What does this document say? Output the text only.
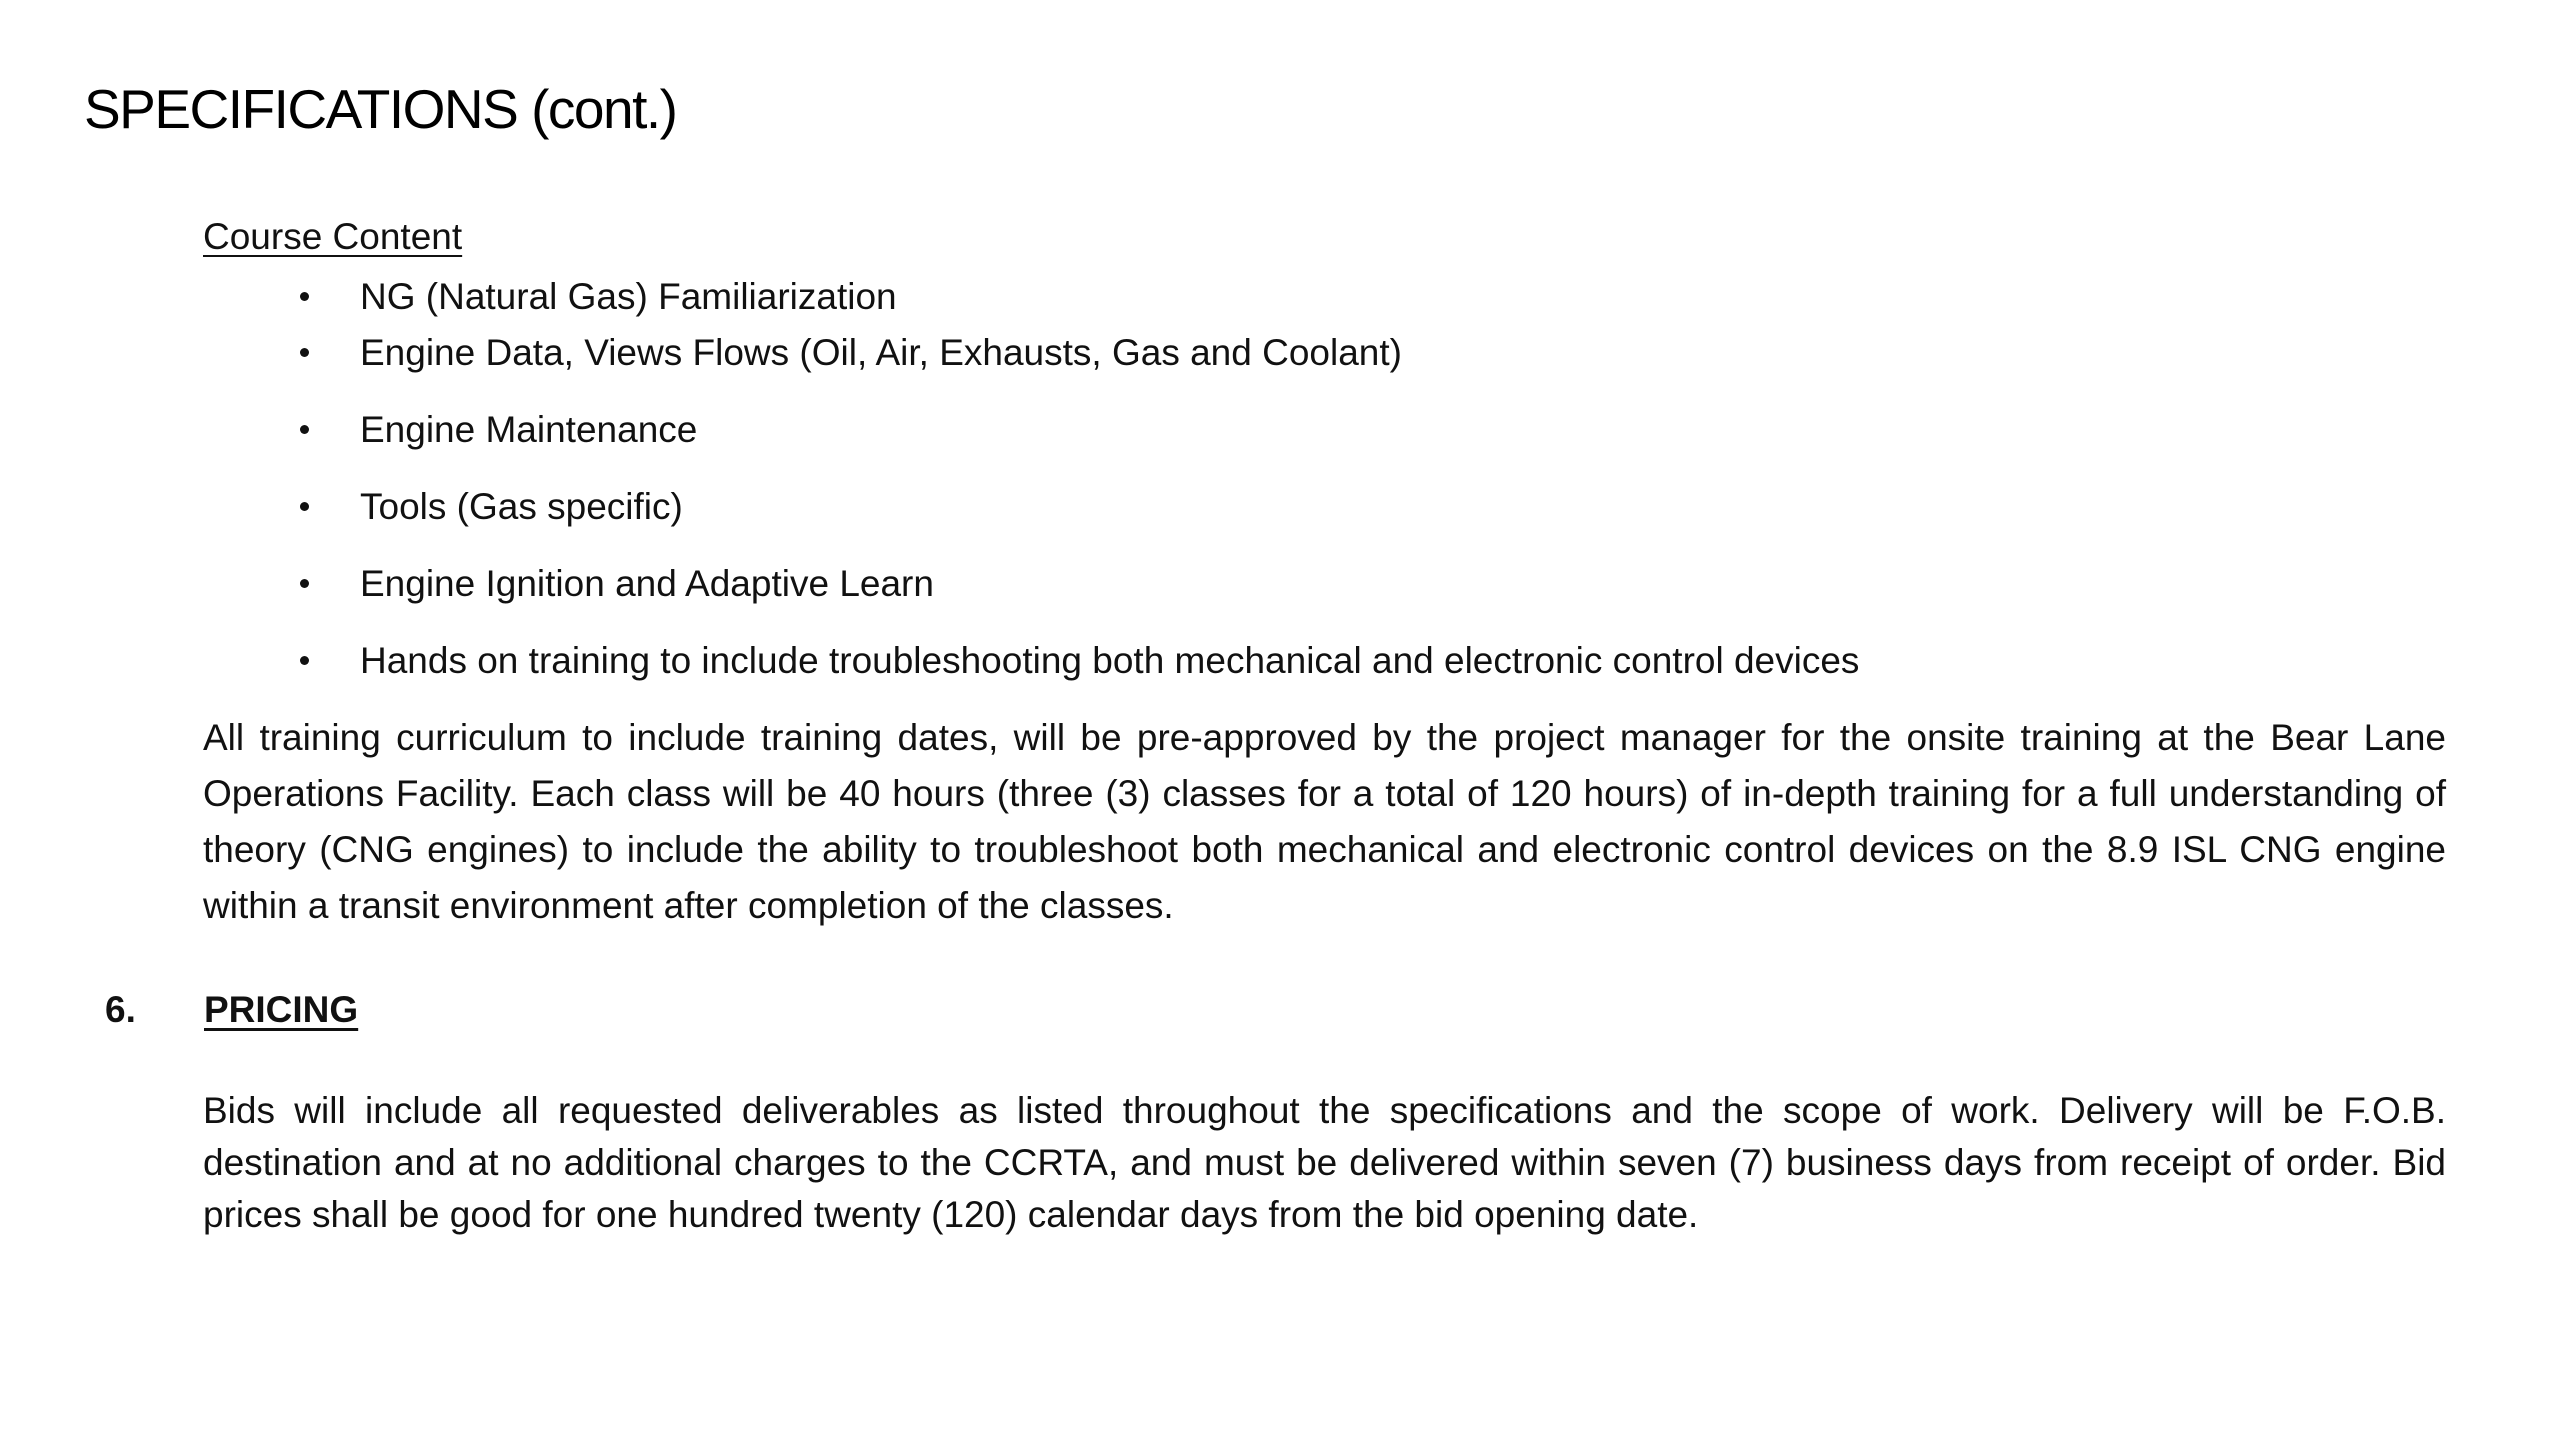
SPECIFICATIONS (cont.)
Course Content
NG (Natural Gas) Familiarization
Engine Data, Views Flows (Oil, Air, Exhausts, Gas and Coolant)
Engine Maintenance
Tools (Gas specific)
Engine Ignition and Adaptive Learn
Hands on training to include troubleshooting both mechanical and electronic control devices

All training curriculum to include training dates, will be pre-approved by the project manager for the onsite training at the Bear Lane Operations Facility. Each class will be 40 hours (three (3) classes for a total of 120 hours) of in-depth training for a full understanding of theory (CNG engines) to include the ability to troubleshoot both mechanical and electronic control devices on the 8.9 ISL CNG engine within a transit environment after completion of the classes.

6. PRICING

Bids will include all requested deliverables as listed throughout the specifications and the scope of work. Delivery will be F.O.B. destination and at no additional charges to the CCRTA, and must be delivered within seven (7) business days from receipt of order. Bid prices shall be good for one hundred twenty (120) calendar days from the bid opening date.
